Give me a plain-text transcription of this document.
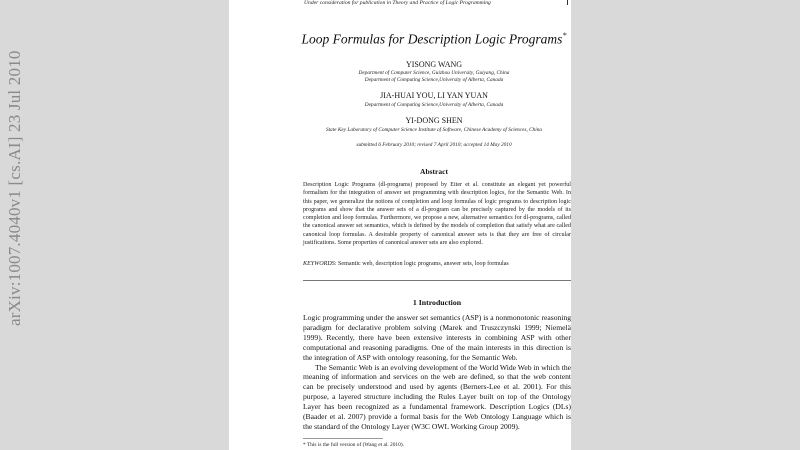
Under consideration for publication in Theory and Practice of Logic Programming
Loop Formulas for Description Logic Programs*
YISONG WANG
Department of Computer Science, Guizhou University, Guiyang, China
Department of Computing Science,University of Alberta, Canada
JIA-HUAI YOU, LI YAN YUAN
Department of Computing Science,University of Alberta, Canada
YI-DONG SHEN
State Key Laboratory of Computer Science Institute of Software, Chinese Academy of Sciences, China
submitted 6 February 2010; revised 7 April 2010; accepted 14 May 2010
Abstract
Description Logic Programs (dl-programs) proposed by Eiter et al. constitute an elegant yet powerful formalism for the integration of answer set programming with description logics, for the Semantic Web. In this paper, we generalize the notions of completion and loop formulas of logic programs to description logic programs and show that the answer sets of a dl-program can be precisely captured by the models of its completion and loop formulas. Furthermore, we propose a new, alternative semantics for dl-programs, called the canonical answer set semantics, which is defined by the models of completion that satisfy what are called canonical loop formulas. A desirable property of canonical answer sets is that they are free of circular justifications. Some properties of canonical answer sets are also explored.
KEYWORDS: Semantic web, description logic programs, answer sets, loop formulas
1 Introduction

Logic programming under the answer set semantics (ASP) is a nonmonotonic reasoning paradigm for declarative problem solving (Marek and Truszczynski 1999; Niemelä 1999). Recently, there have been extensive interests in combining ASP with other computational and reasoning paradigms. One of the main interests in this direction is the integration of ASP with ontology reasoning, for the Semantic Web.

The Semantic Web is an evolving development of the World Wide Web in which the meaning of information and services on the web are defined, so that the web content can be precisely understood and used by agents (Berners-Lee et al. 2001). For this purpose, a layered structure including the Rules Layer built on top of the Ontology Layer has been recognized as a fundamental framework. Description Logics (DLs) (Baader et al. 2007) provide a formal basis for the Web Ontology Language which is the standard of the Ontology Layer (W3C OWL Working Group 2009).

* This is the full version of (Wang et al. 2010).
arXiv:1007.4040v1 [cs.AI] 23 Jul 2010
